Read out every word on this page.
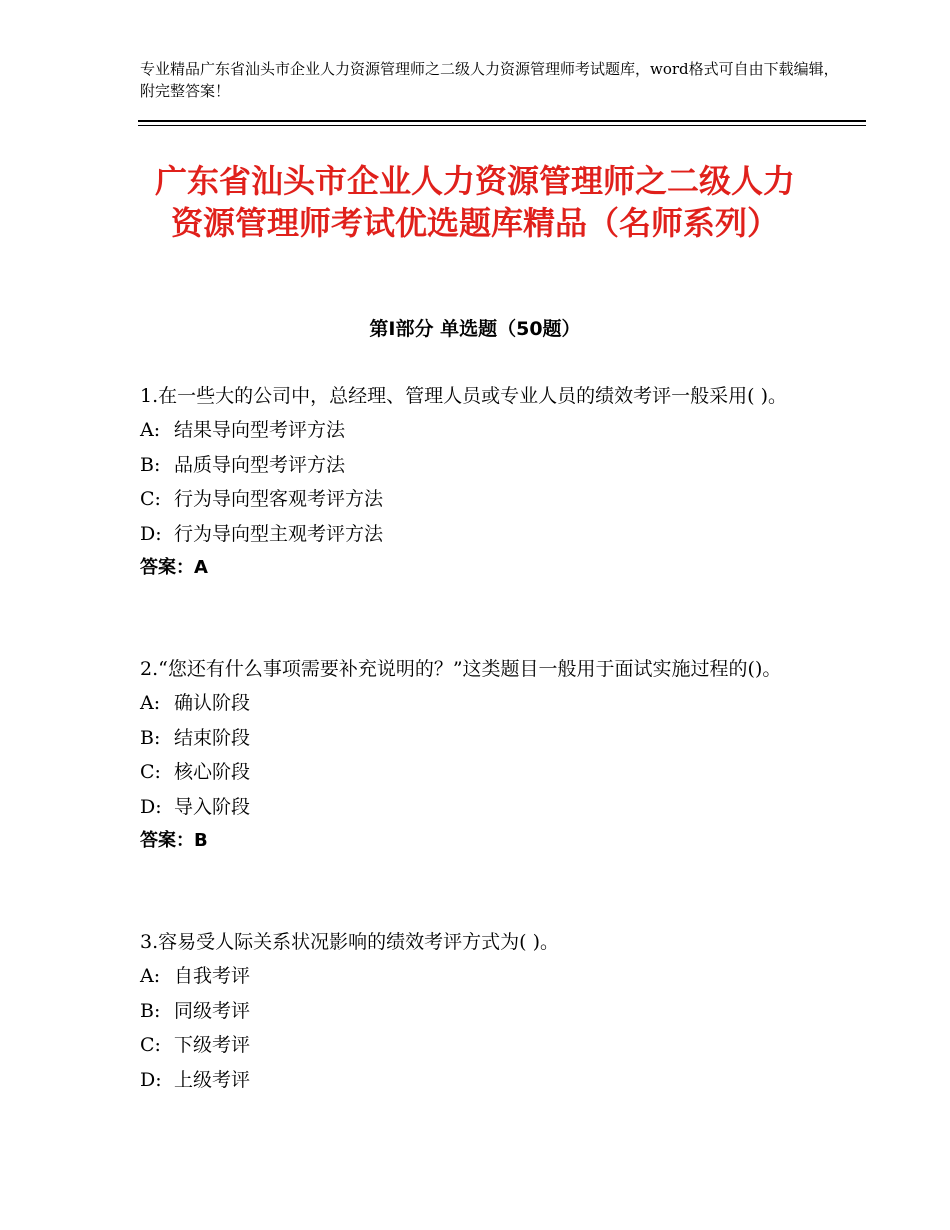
专业精品广东省汕头市企业人力资源管理师之二级人力资源管理师考试题库，word格式可自由下载编辑，附完整答案！
广东省汕头市企业人力资源管理师之二级人力资源管理师考试优选题库精品（名师系列）
第Ⅰ部分 单选题（50题）

1.在一些大的公司中，总经理、管理人员或专业人员的绩效考评一般采用( )。

A: 结果导向型考评方法

B: 品质导向型考评方法

C: 行为导向型客观考评方法

D: 行为导向型主观考评方法

答案：A

2.“您还有什么事项需要补充说明的？”这类题目一般用于面试实施过程的()。

A: 确认阶段

B: 结束阶段

C: 核心阶段

D: 导入阶段

答案：B

3.容易受人际关系状况影响的绩效考评方式为( )。

A: 自我考评

B: 同级考评

C: 下级考评

D: 上级考评
